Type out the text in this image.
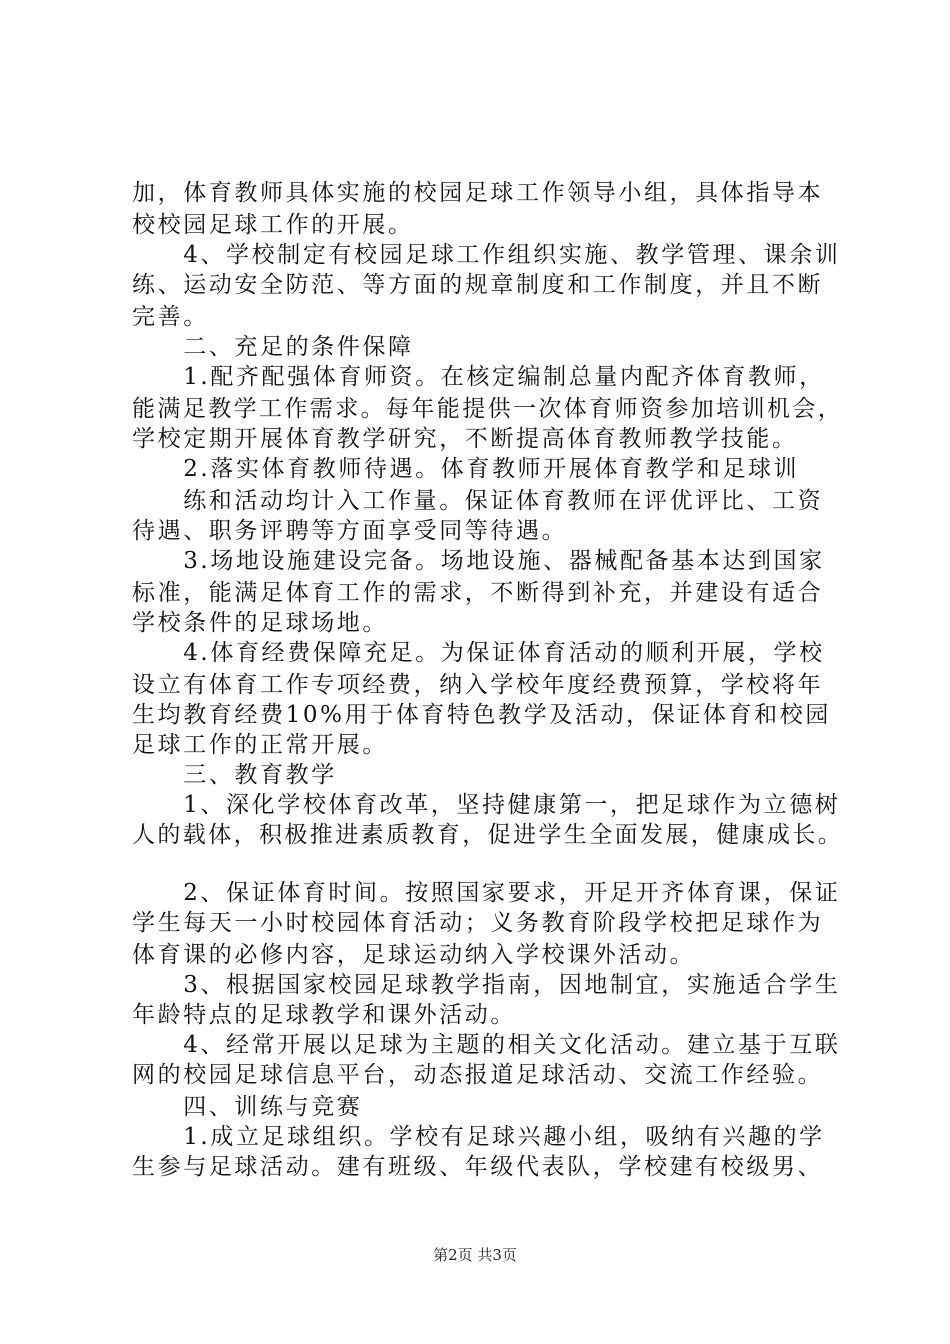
加，体育教师具体实施的校园足球工作领导小组，具体指导本
校校园足球工作的开展。
　　4、学校制定有校园足球工作组织实施、教学管理、课余训
练、运动安全防范、等方面的规章制度和工作制度，并且不断
完善。
　　二、充足的条件保障
　　1.配齐配强体育师资。在核定编制总量内配齐体育教师，
能满足教学工作需求。每年能提供一次体育师资参加培训机会，
学校定期开展体育教学研究，不断提高体育教师教学技能。
　　2.落实体育教师待遇。体育教师开展体育教学和足球训
　　练和活动均计入工作量。保证体育教师在评优评比、工资
待遇、职务评聘等方面享受同等待遇。
　　3.场地设施建设完备。场地设施、器械配备基本达到国家
标准，能满足体育工作的需求，不断得到补充，并建设有适合
学校条件的足球场地。
　　4.体育经费保障充足。为保证体育活动的顺利开展，学校
设立有体育工作专项经费，纳入学校年度经费预算，学校将年
生均教育经费10%用于体育特色教学及活动，保证体育和校园
足球工作的正常开展。
　　三、教育教学
　　1、深化学校体育改革，坚持健康第一，把足球作为立德树
人的载体，积极推进素质教育，促进学生全面发展，健康成长。
　　2、保证体育时间。按照国家要求，开足开齐体育课，保证
学生每天一小时校园体育活动；义务教育阶段学校把足球作为
体育课的必修内容，足球运动纳入学校课外活动。
　　3、根据国家校园足球教学指南，因地制宜，实施适合学生
年龄特点的足球教学和课外活动。
　　4、经常开展以足球为主题的相关文化活动。建立基于互联
网的校园足球信息平台，动态报道足球活动、交流工作经验。
　　四、训练与竞赛
　　1.成立足球组织。学校有足球兴趣小组，吸纳有兴趣的学
生参与足球活动。建有班级、年级代表队，学校建有校级男、
第2页 共3页
